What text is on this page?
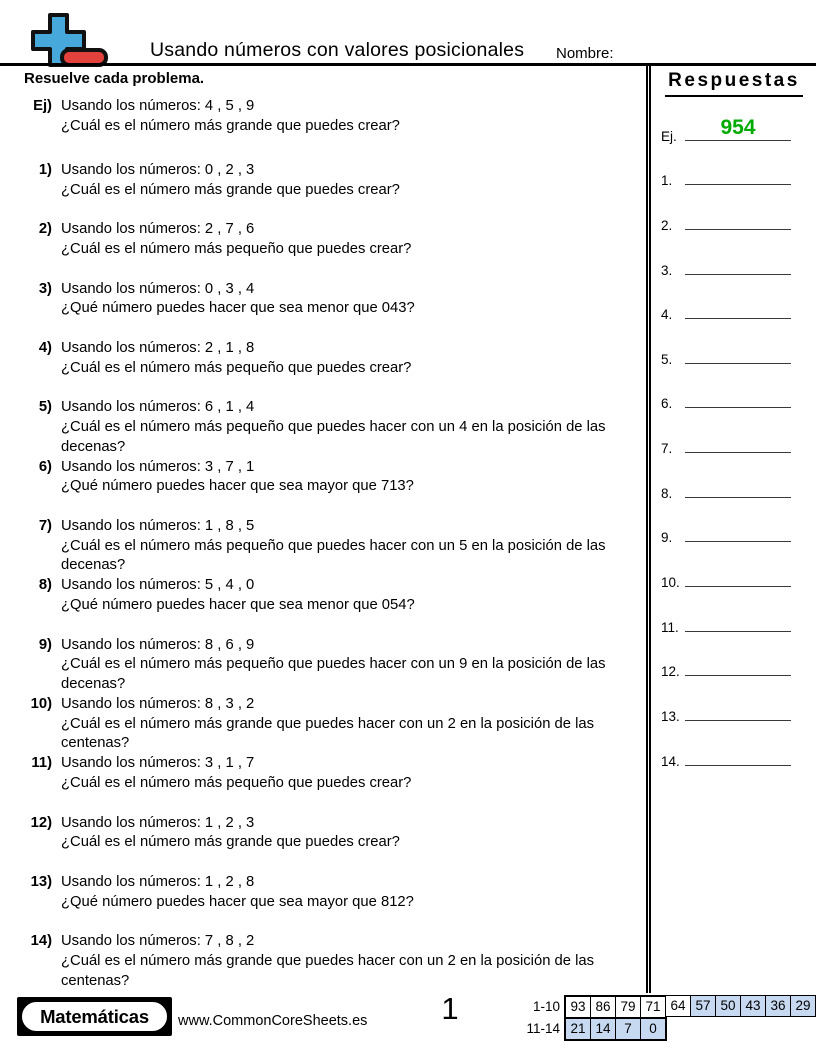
Usando números con valores posicionales Nombre:
Resuelve cada problema.
Ej) Usando los números: 4 , 5 , 9
¿Cuál es el número más grande que puedes crear?
1) Usando los números: 0 , 2 , 3
¿Cuál es el número más grande que puedes crear?
2) Usando los números: 2 , 7 , 6
¿Cuál es el número más pequeño que puedes crear?
3) Usando los números: 0 , 3 , 4
¿Qué número puedes hacer que sea menor que 043?
4) Usando los números: 2 , 1 , 8
¿Cuál es el número más pequeño que puedes crear?
5) Usando los números: 6 , 1 , 4
¿Cuál es el número más pequeño que puedes hacer con un 4 en la posición de las decenas?
6) Usando los números: 3 , 7 , 1
¿Qué número puedes hacer que sea mayor que 713?
7) Usando los números: 1 , 8 , 5
¿Cuál es el número más pequeño que puedes hacer con un 5 en la posición de las decenas?
8) Usando los números: 5 , 4 , 0
¿Qué número puedes hacer que sea menor que 054?
9) Usando los números: 8 , 6 , 9
¿Cuál es el número más pequeño que puedes hacer con un 9 en la posición de las decenas?
10) Usando los números: 8 , 3 , 2
¿Cuál es el número más grande que puedes hacer con un 2 en la posición de las centenas?
11) Usando los números: 3 , 1 , 7
¿Cuál es el número más pequeño que puedes crear?
12) Usando los números: 1 , 2 , 3
¿Cuál es el número más grande que puedes crear?
13) Usando los números: 1 , 2 , 8
¿Qué número puedes hacer que sea mayor que 812?
14) Usando los números: 7 , 8 , 2
¿Cuál es el número más grande que puedes hacer con un 2 en la posición de las centenas?
Respuestas
Ej.	954
1.
2.
3.
4.
5.
6.
7.
8.
9.
10.
11.
12.
13.
14.
Matemáticas	www.CommonCoreSheets.es	1	1-10 93 86 79 71 64 57 50 43 36 29
11-14 21 14	7	0
